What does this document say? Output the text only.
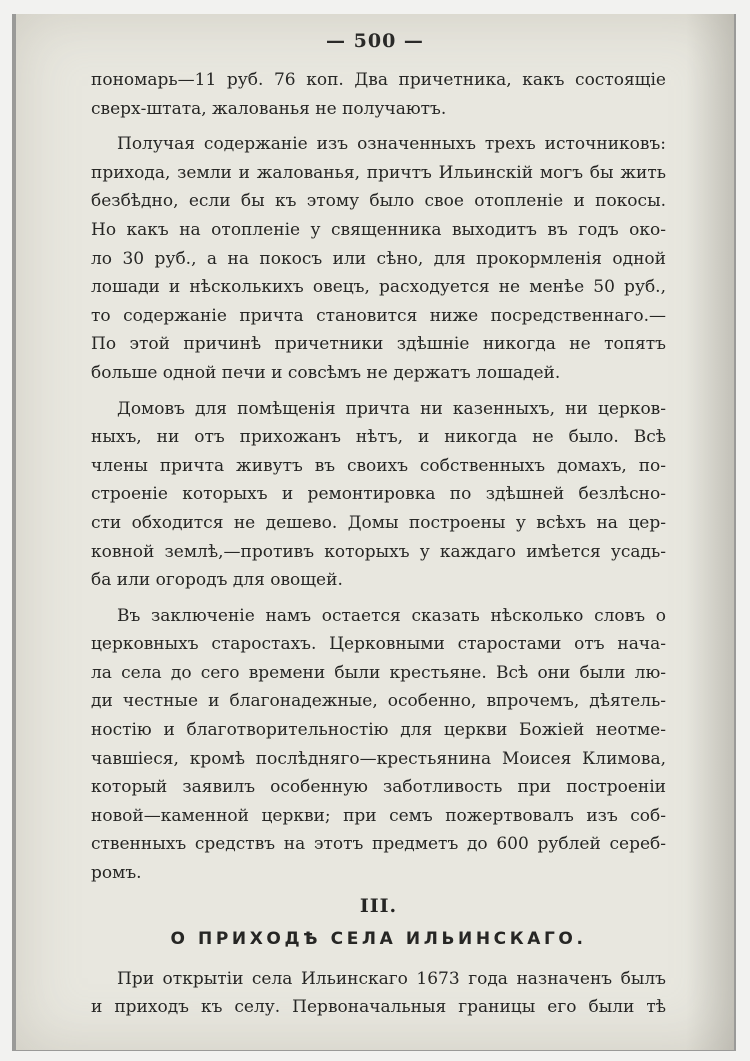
— 500 —
пономарь—11 руб. 76 коп. Два причетника, какъ состоящіе
сверх-штата, жалованья не получаютъ.
Получая содержаніе изъ означенныхъ трехъ источниковъ:
прихода, земли и жалованья, причтъ Ильинскій могъ бы жить
безбѣдно, если бы къ этому было свое отопленіе и покосы.
Но какъ на отопленіе у священника выходитъ въ годъ око-
ло 30 руб., а на покосъ или сѣно, для прокормленія одной
лошади и нѣсколькихъ овецъ, расходуется не менѣе 50 руб.,
то содержаніе причта становится ниже посредственнаго.—
По этой причинѣ причетники здѣшніе никогда не топятъ
больше одной печи и совсѣмъ не держатъ лошадей.
Домовъ для помѣщенія причта ни казенныхъ, ни церков-
ныхъ, ни отъ прихожанъ нѣтъ, и никогда не было. Всѣ
члены причта живутъ въ своихъ собственныхъ домахъ, по-
строеніе которыхъ и ремонтировка по здѣшней безлѣсно-
сти обходится не дешево. Домы построены у всѣхъ на цер-
ковной землѣ,—противъ которыхъ у каждаго имѣется усадь-
ба или огородъ для овощей.
Въ заключеніе намъ остается сказать нѣсколько словъ о
церковныхъ старостахъ. Церковными старостами отъ нача-
ла села до сего времени были крестьяне. Всѣ они были лю-
ди честные и благонадежные, особенно, впрочемъ, дѣятель-
ностію и благотворительностію для церкви Божіей неотме-
чавшіеся, кромѣ послѣдняго—крестьянина Моисея Климова,
который заявилъ особенную заботливость при построеніи
новой—каменной церкви; при семъ пожертвовалъ изъ соб-
ственныхъ средствъ на этотъ предметъ до 600 рублей сереб-
ромъ.
III.
О ПРИХОДѢ СЕЛА ИЛЬИНСКАГО.
При открытіи села Ильинскаго 1673 года назначенъ былъ
и приходъ къ селу. Первоначальныя границы его были тѣ
